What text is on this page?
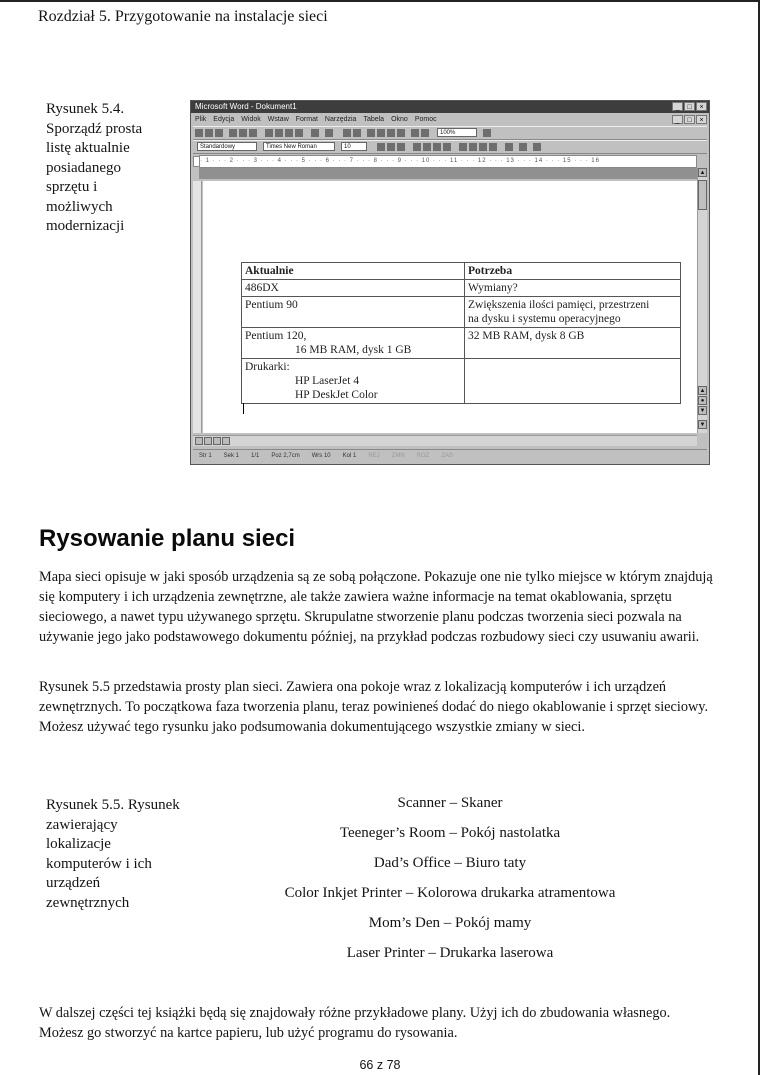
Rozdział 5. Przygotowanie na instalacje sieci
Rysunek 5.4. Sporządź prosta listę aktualnie posiadanego sprzętu i możliwych modernizacji
Microsoft Word - Dokument1	_	□	×
Plik Edycja Widok Wstaw Format Narzędzia Tabela Okno Pomoc	_	□	×
100%
Standardowy	Times New Roman	10
· 1 · · · 2 · · · 3 · · · 4 · · · 5 · · · 6 · · · 7 · · · 8 · · · 9 · · · 10 · · · 11 · · · 12 · · · 13 · · · 14 · · · 15 · · · 16
Aktualnie	Potrzeba

486DX	Wymiany?

Pentium 90	Zwiększenia ilości pamięci, przestrzeni
na dysku i systemu operacyjnego

Pentium 120,
16 MB RAM, dysk 1 GB	32 MB RAM, dysk 8 GB

Drukarki:
HP LaserJet 4
HP DeskJet Color	

▲
▲
●
▼
▼
Str 1 Sek 1 1/1 Poz 2,7cm Wrs 10 Kol 1 REJ ZMN ROZ ZAS
Rysowanie planu sieci
Mapa sieci opisuje w jaki sposób urządzenia są ze sobą połączone. Pokazuje one nie tylko miejsce w którym znajdują się komputery i ich urządzenia zewnętrzne, ale także zawiera ważne informacje na temat okablowania, sprzętu sieciowego, a nawet typu używanego sprzętu. Skrupulatne stworzenie planu podczas tworzenia sieci pozwala na używanie jego jako podstawowego dokumentu później, na przykład podczas rozbudowy sieci czy usuwaniu awarii.
Rysunek 5.5 przedstawia prosty plan sieci. Zawiera ona pokoje wraz z lokalizacją komputerów i ich urządzeń zewnętrznych. To początkowa faza tworzenia planu, teraz powinieneś dodać do niego okablowanie i sprzęt sieciowy. Możesz używać tego rysunku jako podsumowania dokumentującego wszystkie zmiany w sieci.
Rysunek 5.5. Rysunek zawierający lokalizacje komputerów i ich urządzeń zewnętrznych
Scanner – Skaner
Teeneger’s Room – Pokój nastolatka
Dad’s Office – Biuro taty
Color Inkjet Printer – Kolorowa drukarka atramentowa
Mom’s Den – Pokój mamy
Laser Printer – Drukarka laserowa
W dalszej części tej książki będą się znajdowały różne przykładowe plany. Użyj ich do zbudowania własnego. Możesz go stworzyć na kartce papieru, lub użyć programu do rysowania.
66 z 78
